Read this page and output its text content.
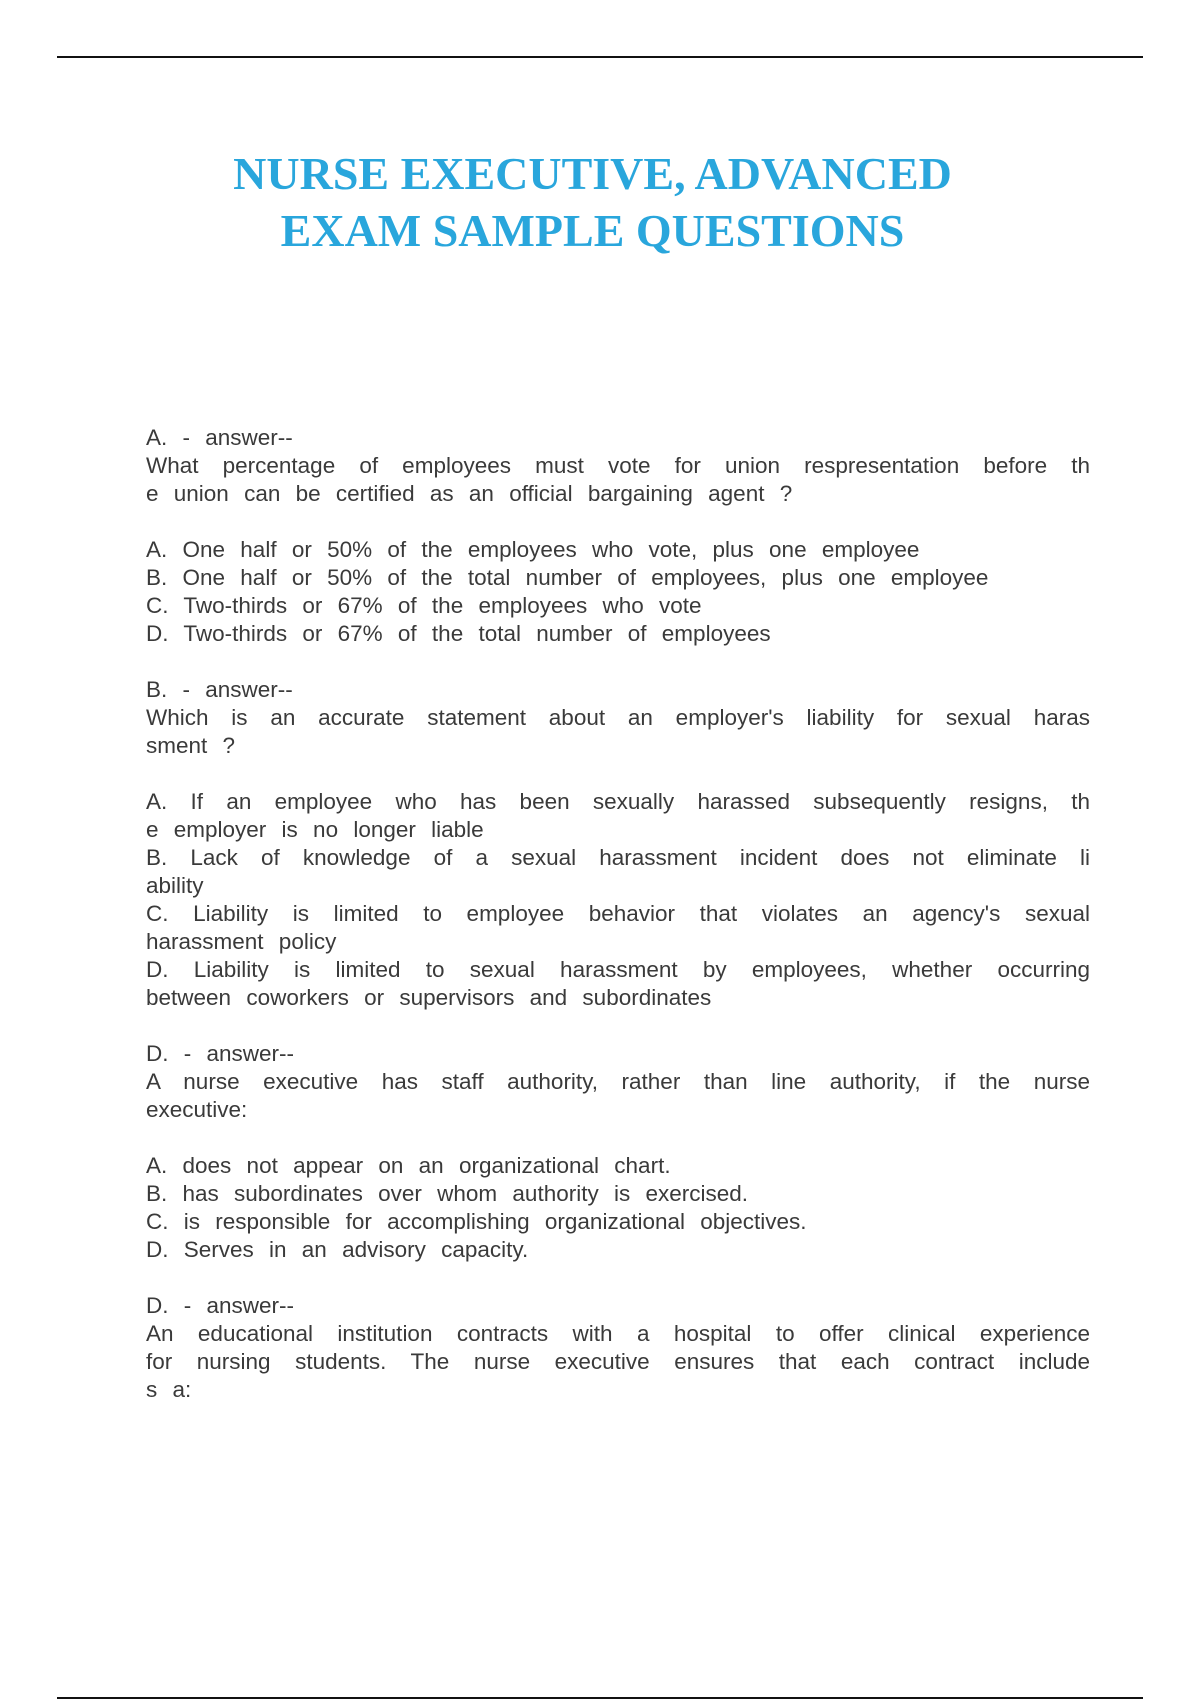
NURSE EXECUTIVE, ADVANCED
EXAM SAMPLE QUESTIONS
A. - answer--
What percentage of employees must vote for union respresentation before th
e union can be certified as an official bargaining agent ?
A. One half or 50% of the employees who vote, plus one employee
B. One half or 50% of the total number of employees, plus one employee
C. Two-thirds or 67% of the employees who vote
D. Two-thirds or 67% of the total number of employees
B. - answer--
Which is an accurate statement about an employer's liability for sexual haras
sment ?
A. If an employee who has been sexually harassed subsequently resigns, th
e employer is no longer liable
B. Lack of knowledge of a sexual harassment incident does not eliminate li
ability
C. Liability is limited to employee behavior that violates an agency's sexual
harassment policy
D. Liability is limited to sexual harassment by employees, whether occurring
between coworkers or supervisors and subordinates
D. - answer--
A nurse executive has staff authority, rather than line authority, if the nurse
executive:
A. does not appear on an organizational chart.
B. has subordinates over whom authority is exercised.
C. is responsible for accomplishing organizational objectives.
D. Serves in an advisory capacity.
D. - answer--
An educational institution contracts with a hospital to offer clinical experience
for nursing students. The nurse executive ensures that each contract include
s a:
